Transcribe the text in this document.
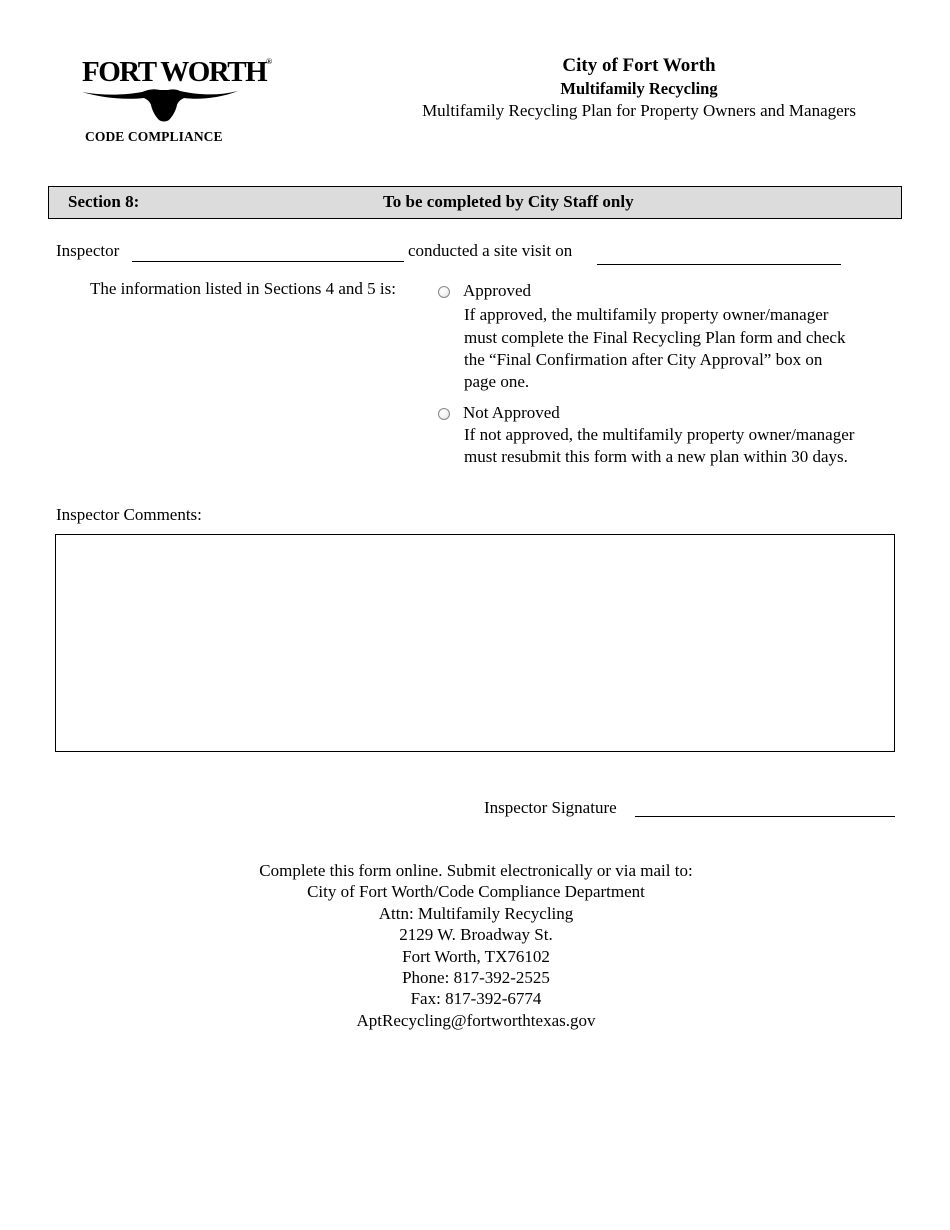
FORT WORTH®
CODE COMPLIANCE
City of Fort Worth
Multifamily Recycling
Multifamily Recycling Plan for Property Owners and Managers
Section 8:	To be completed by City Staff only
Inspector	conducted a site visit on
The information listed in Sections 4 and 5 is:	Approved
If approved, the multifamily property owner/manager
must complete the Final Recycling Plan form and check
the “Final Confirmation after City Approval” box on
page one.
Not Approved
If not approved, the multifamily property owner/manager
must resubmit this form with a new plan within 30 days.
Inspector Comments:
Inspector Signature
Complete this form online. Submit electronically or via mail to:
City of Fort Worth/Code Compliance Department
Attn: Multifamily Recycling
2129 W. Broadway St.
Fort Worth, TX76102
Phone: 817-392-2525
Fax: 817-392-6774
AptRecycling@fortworthtexas.gov
